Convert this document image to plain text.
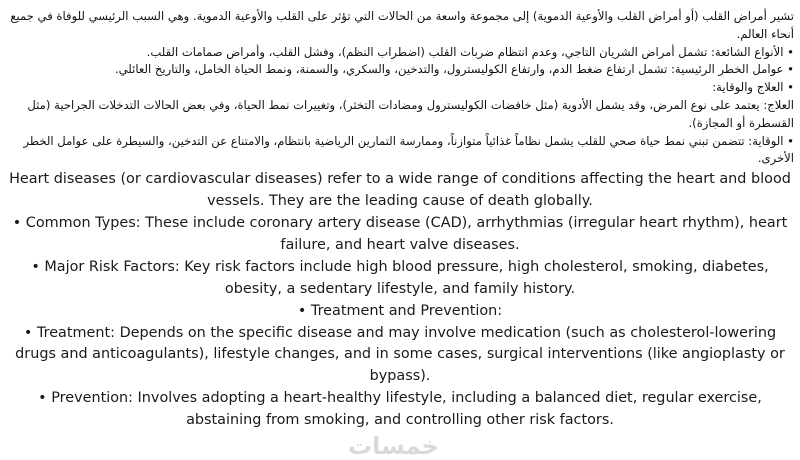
تشير أمراض القلب (أو أمراض القلب والأوعية الدموية) إلى مجموعة واسعة من الحالات التي تؤثر على القلب والأوعية الدموية. وهي السبب الرئيسي للوفاة في جميع أنحاء العالم.

• الأنواع الشائعة: تشمل أمراض الشريان التاجي، وعدم انتظام ضربات القلب (اضطراب النظم)، وفشل القلب، وأمراض صمامات القلب.

• عوامل الخطر الرئيسية: تشمل ارتفاع ضغط الدم، وارتفاع الكوليسترول، والتدخين، والسكري، والسمنة، ونمط الحياة الخامل، والتاريخ العائلي.

• العلاج والوقاية:

العلاج: يعتمد على نوع المرض، وقد يشمل الأدوية (مثل خافضات الكوليسترول ومضادات التخثر)، وتغييرات نمط الحياة، وفي بعض الحالات التدخلات الجراحية (مثل القسطرة أو المجازة).

• الوقاية: تتضمن تبني نمط حياة صحي للقلب يشمل نظاماً غذائياً متوازناً، وممارسة التمارين الرياضية بانتظام، والامتناع عن التدخين، والسيطرة على عوامل الخطر الأخرى.

Heart diseases (or cardiovascular diseases) refer to a wide range of conditions affecting the heart and blood vessels. They are the leading cause of death globally.

• Common Types: These include coronary artery disease (CAD), arrhythmias (irregular heart rhythm), heart failure, and heart valve diseases.

• Major Risk Factors: Key risk factors include high blood pressure, high cholesterol, smoking, diabetes, obesity, a sedentary lifestyle, and family history.

• Treatment and Prevention:

• Treatment: Depends on the specific disease and may involve medication (such as cholesterol-lowering drugs and anticoagulants), lifestyle changes, and in some cases, surgical interventions (like angioplasty or bypass).

• Prevention: Involves adopting a heart-healthy lifestyle, including a balanced diet, regular exercise, abstaining from smoking, and controlling other risk factors.

خمسات
